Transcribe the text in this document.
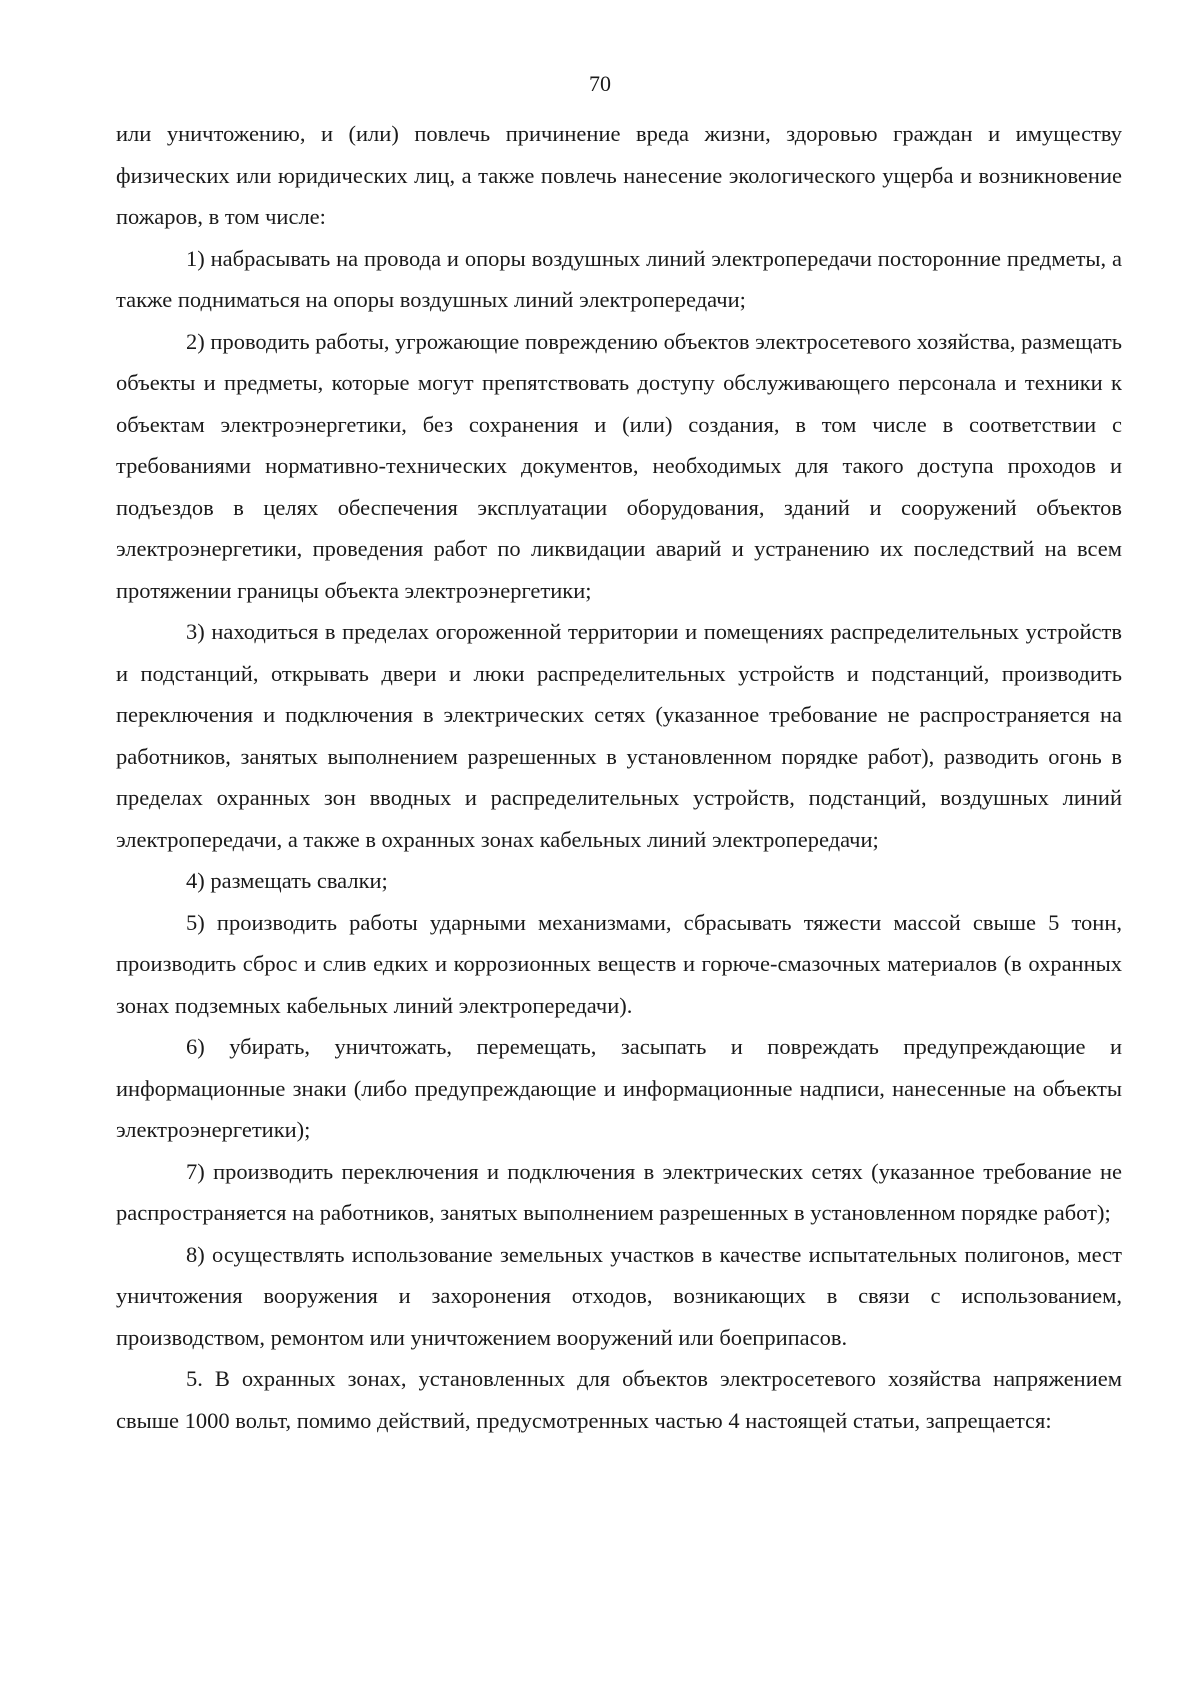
70

или уничтожению, и (или) повлечь причинение вреда жизни, здоровью граждан и имуществу физических или юридических лиц, а также повлечь нанесение экологического ущерба и возникновение пожаров, в том числе:

1) набрасывать на провода и опоры воздушных линий электропередачи посторонние предметы, а также подниматься на опоры воздушных линий электропередачи;

2) проводить работы, угрожающие повреждению объектов электросетевого хозяйства, размещать объекты и предметы, которые могут препятствовать доступу обслуживающего персонала и техники к объектам электроэнергетики, без сохранения и (или) создания, в том числе в соответствии с требованиями нормативно-технических документов, необходимых для такого доступа проходов и подъездов в целях обеспечения эксплуатации оборудования, зданий и сооружений объектов электроэнергетики, проведения работ по ликвидации аварий и устранению их последствий на всем протяжении границы объекта электроэнергетики;

3) находиться в пределах огороженной территории и помещениях распределительных устройств и подстанций, открывать двери и люки распределительных устройств и подстанций, производить переключения и подключения в электрических сетях (указанное требование не распространяется на работников, занятых выполнением разрешенных в установленном порядке работ), разводить огонь в пределах охранных зон вводных и распределительных устройств, подстанций, воздушных линий электропередачи, а также в охранных зонах кабельных линий электропередачи;

4) размещать свалки;

5) производить работы ударными механизмами, сбрасывать тяжести массой свыше 5 тонн, производить сброс и слив едких и коррозионных веществ и горюче-смазочных материалов (в охранных зонах подземных кабельных линий электропередачи).

6) убирать, уничтожать, перемещать, засыпать и повреждать предупреждающие и информационные знаки (либо предупреждающие и информационные надписи, нанесенные на объекты электроэнергетики);

7) производить переключения и подключения в электрических сетях (указанное требование не распространяется на работников, занятых выполнением разрешенных в установленном порядке работ);

8) осуществлять использование земельных участков в качестве испытательных полигонов, мест уничтожения вооружения и захоронения отходов, возникающих в связи с использованием, производством, ремонтом или уничтожением вооружений или боеприпасов.

5. В охранных зонах, установленных для объектов электросетевого хозяйства напряжением свыше 1000 вольт, помимо действий, предусмотренных частью 4 настоящей статьи, запрещается:
